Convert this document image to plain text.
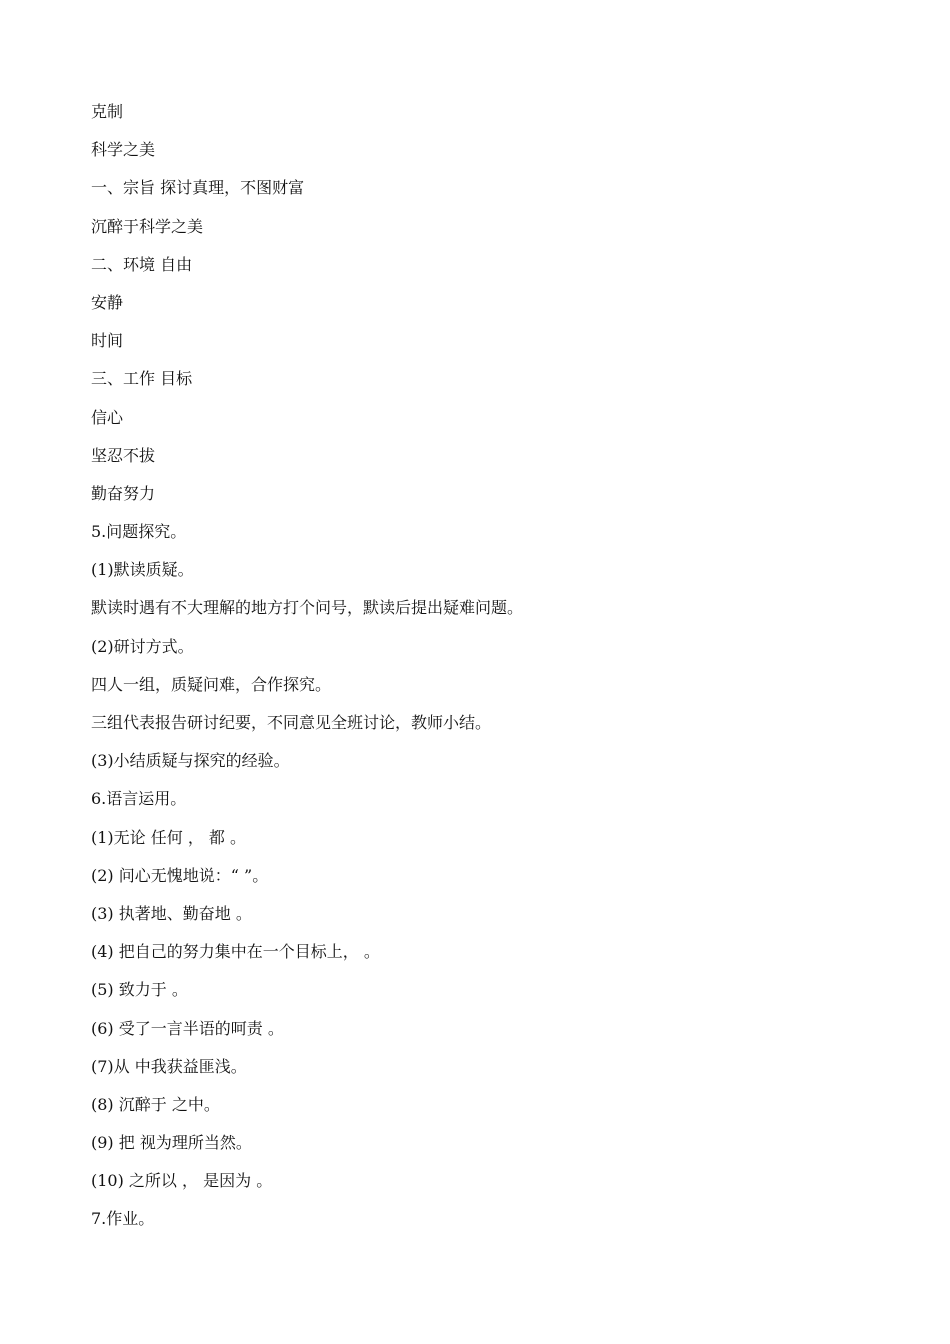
克制
科学之美
一、宗旨 探讨真理，不图财富
沉醉于科学之美
二、环境 自由
安静
时间
三、工作 目标
信心
坚忍不拔
勤奋努力
5.问题探究。
(1)默读质疑。
默读时遇有不大理解的地方打个问号，默读后提出疑难问题。
(2)研讨方式。
四人一组，质疑问难，合作探究。
三组代表报告研讨纪要，不同意见全班讨论，教师小结。
(3)小结质疑与探究的经验。
6.语言运用。
(1)无论 任何 ， 都 。
(2) 问心无愧地说：“ ”。
(3) 执著地、勤奋地 。
(4) 把自己的努力集中在一个目标上， 。
(5) 致力于 。
(6) 受了一言半语的呵责 。
(7)从 中我获益匪浅。
(8) 沉醉于 之中。
(9) 把 视为理所当然。
(10) 之所以 ， 是因为 。
7.作业。
